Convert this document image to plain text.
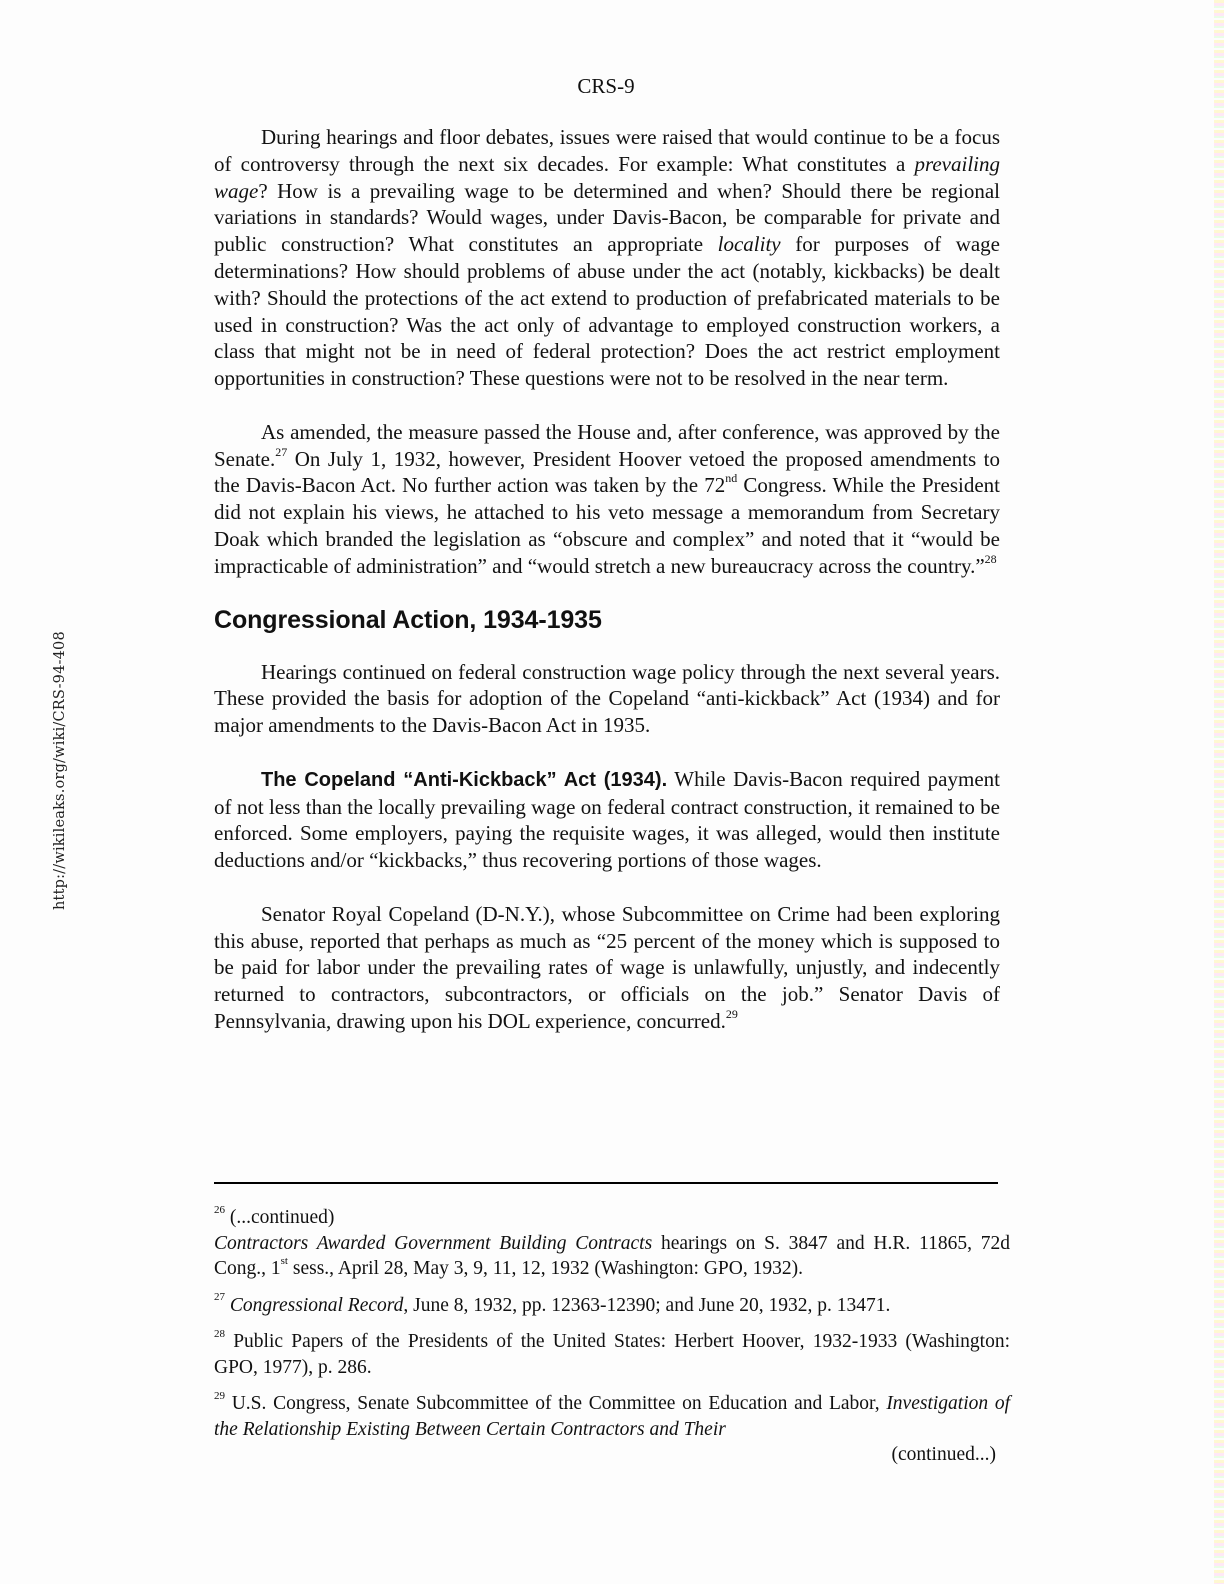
http://wikileaks.org/wiki/CRS-94-408
CRS-9

During hearings and floor debates, issues were raised that would continue to be a focus of controversy through the next six decades. For example: What constitutes a prevailing wage? How is a prevailing wage to be determined and when? Should there be regional variations in standards? Would wages, under Davis-Bacon, be comparable for private and public construction? What constitutes an appropriate locality for purposes of wage determinations? How should problems of abuse under the act (notably, kickbacks) be dealt with? Should the protections of the act extend to production of prefabricated materials to be used in construction? Was the act only of advantage to employed construction workers, a class that might not be in need of federal protection? Does the act restrict employment opportunities in construction? These questions were not to be resolved in the near term.

As amended, the measure passed the House and, after conference, was approved by the Senate.$^{27}$ On July 1, 1932, however, President Hoover vetoed the proposed amendments to the Davis-Bacon Act. No further action was taken by the 72nd Congress. While the President did not explain his views, he attached to his veto message a memorandum from Secretary Doak which branded the legislation as “obscure and complex” and noted that it “would be impracticable of administration” and “would stretch a new bureaucracy across the country.”$^{28}$

Congressional Action, 1934-1935

Hearings continued on federal construction wage policy through the next several years. These provided the basis for adoption of the Copeland “anti-kickback” Act (1934) and for major amendments to the Davis-Bacon Act in 1935.

The Copeland “Anti-Kickback” Act (1934). While Davis-Bacon required payment of not less than the locally prevailing wage on federal contract construction, it remained to be enforced. Some employers, paying the requisite wages, it was alleged, would then institute deductions and/or “kickbacks,” thus recovering portions of those wages.

Senator Royal Copeland (D-N.Y.), whose Subcommittee on Crime had been exploring this abuse, reported that perhaps as much as “25 percent of the money which is supposed to be paid for labor under the prevailing rates of wage is unlawfully, unjustly, and indecently returned to contractors, subcontractors, or officials on the job.” Senator Davis of Pennsylvania, drawing upon his DOL experience, concurred.$^{29}$

$^{26}$ (...continued)
Contractors Awarded Government Building Contracts hearings on S. 3847 and H.R. 11865, 72d Cong., 1st sess., April 28, May 3, 9, 11, 12, 1932 (Washington: GPO, 1932).

$^{27}$ Congressional Record, June 8, 1932, pp. 12363-12390; and June 20, 1932, p. 13471.

$^{28}$ Public Papers of the Presidents of the United States: Herbert Hoover, 1932-1933 (Washington: GPO, 1977), p. 286.

$^{29}$ U.S. Congress, Senate Subcommittee of the Committee on Education and Labor, Investigation of the Relationship Existing Between Certain Contractors and Their

(continued...)
